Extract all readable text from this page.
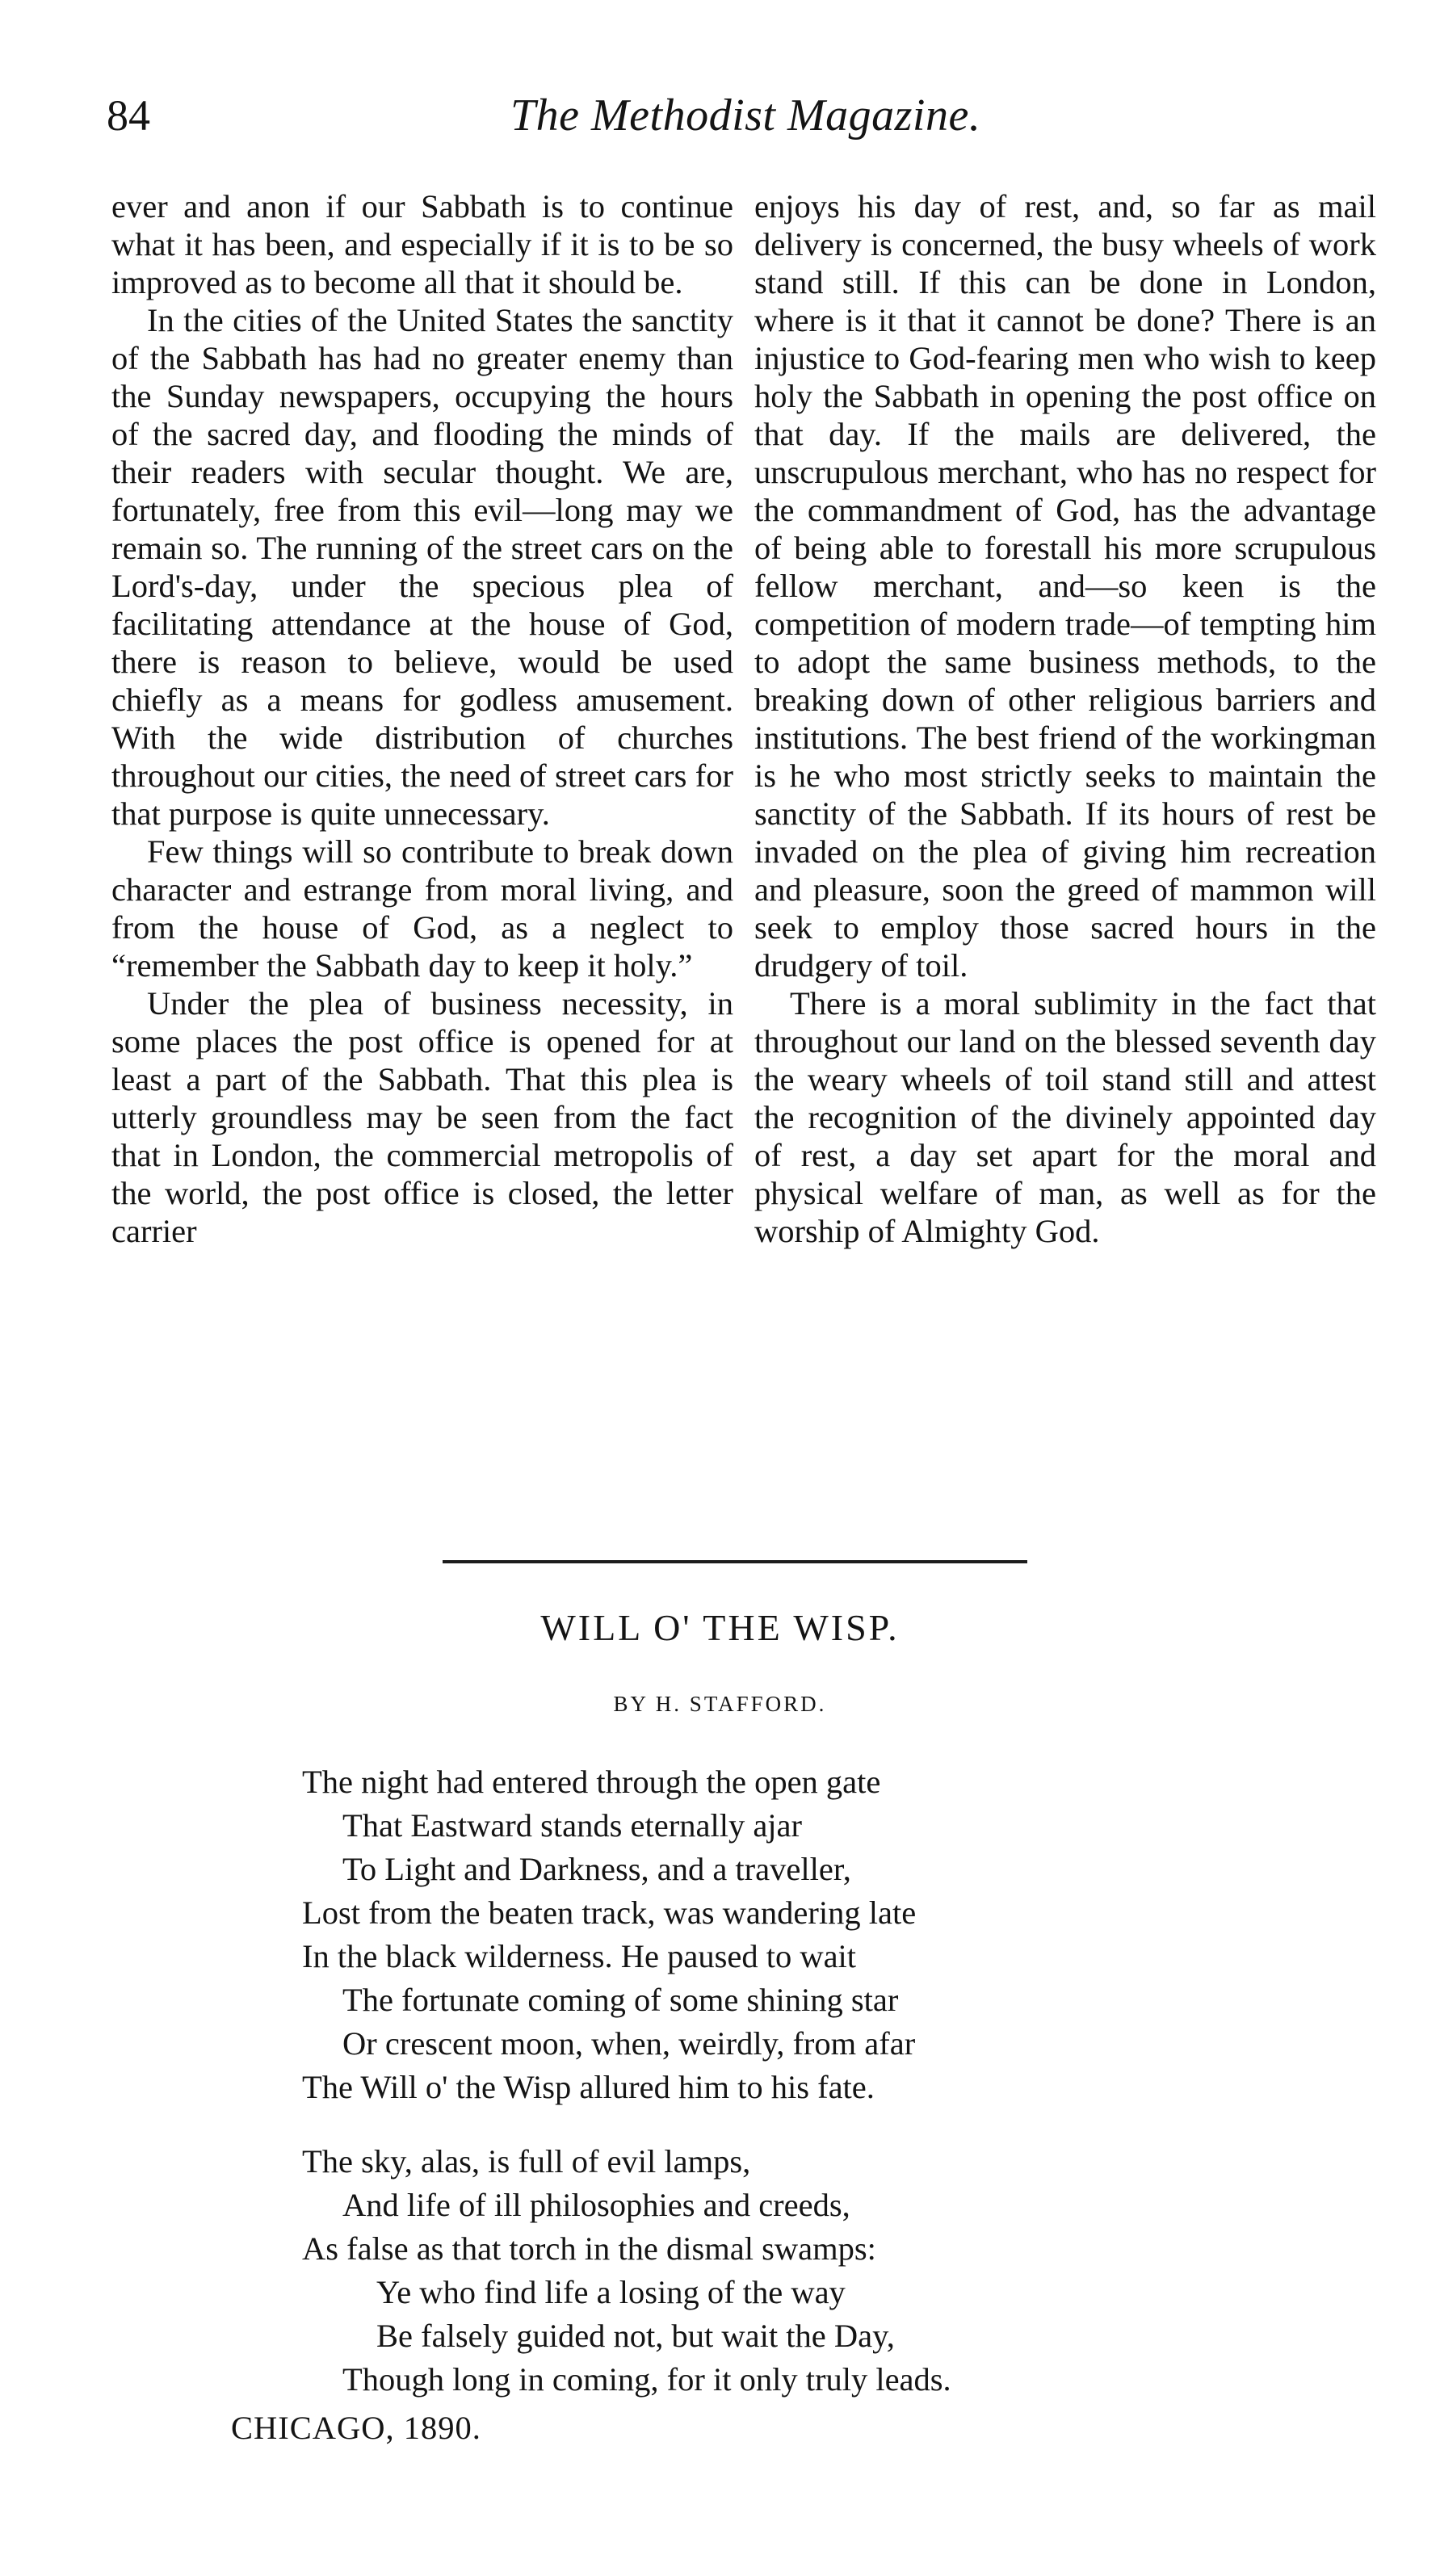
84	The Methodist Magazine.

ever and anon if our Sabbath is to continue what it has been, and especially if it is to be so improved as to become all that it should be.

In the cities of the United States the sanctity of the Sabbath has had no greater enemy than the Sunday newspapers, occupying the hours of the sacred day, and flooding the minds of their readers with secular thought. We are, fortunately, free from this evil—long may we remain so. The running of the street cars on the Lord's-day, under the specious plea of facilitating attendance at the house of God, there is reason to believe, would be used chiefly as a means for godless amusement. With the wide distribution of churches throughout our cities, the need of street cars for that purpose is quite unnecessary.

Few things will so contribute to break down character and estrange from moral living, and from the house of God, as a neglect to “remember the Sabbath day to keep it holy.”

Under the plea of business necessity, in some places the post office is opened for at least a part of the Sabbath. That this plea is utterly groundless may be seen from the fact that in London, the commercial metropolis of the world, the post office is closed, the letter carrier

enjoys his day of rest, and, so far as mail delivery is concerned, the busy wheels of work stand still. If this can be done in London, where is it that it cannot be done? There is an injustice to God-fearing men who wish to keep holy the Sabbath in opening the post office on that day. If the mails are delivered, the unscrupulous merchant, who has no respect for the commandment of God, has the advantage of being able to forestall his more scrupulous fellow merchant, and—so keen is the competition of modern trade—of tempting him to adopt the same business methods, to the breaking down of other religious barriers and institutions. The best friend of the workingman is he who most strictly seeks to maintain the sanctity of the Sabbath. If its hours of rest be invaded on the plea of giving him recreation and pleasure, soon the greed of mammon will seek to employ those sacred hours in the drudgery of toil.

There is a moral sublimity in the fact that throughout our land on the blessed seventh day the weary wheels of toil stand still and attest the recognition of the divinely appointed day of rest, a day set apart for the moral and physical welfare of man, as well as for the worship of Almighty God.

WILL O' THE WISP.
BY H. STAFFORD.
The night had entered through the open gate
That Eastward stands eternally ajar
To Light and Darkness, and a traveller,
Lost from the beaten track, was wandering late
In the black wilderness. He paused to wait
The fortunate coming of some shining star
Or crescent moon, when, weirdly, from afar
The Will o' the Wisp allured him to his fate.
The sky, alas, is full of evil lamps,
And life of ill philosophies and creeds,
As false as that torch in the dismal swamps:
Ye who find life a losing of the way
Be falsely guided not, but wait the Day,
Though long in coming, for it only truly leads.
CHICAGO, 1890.
